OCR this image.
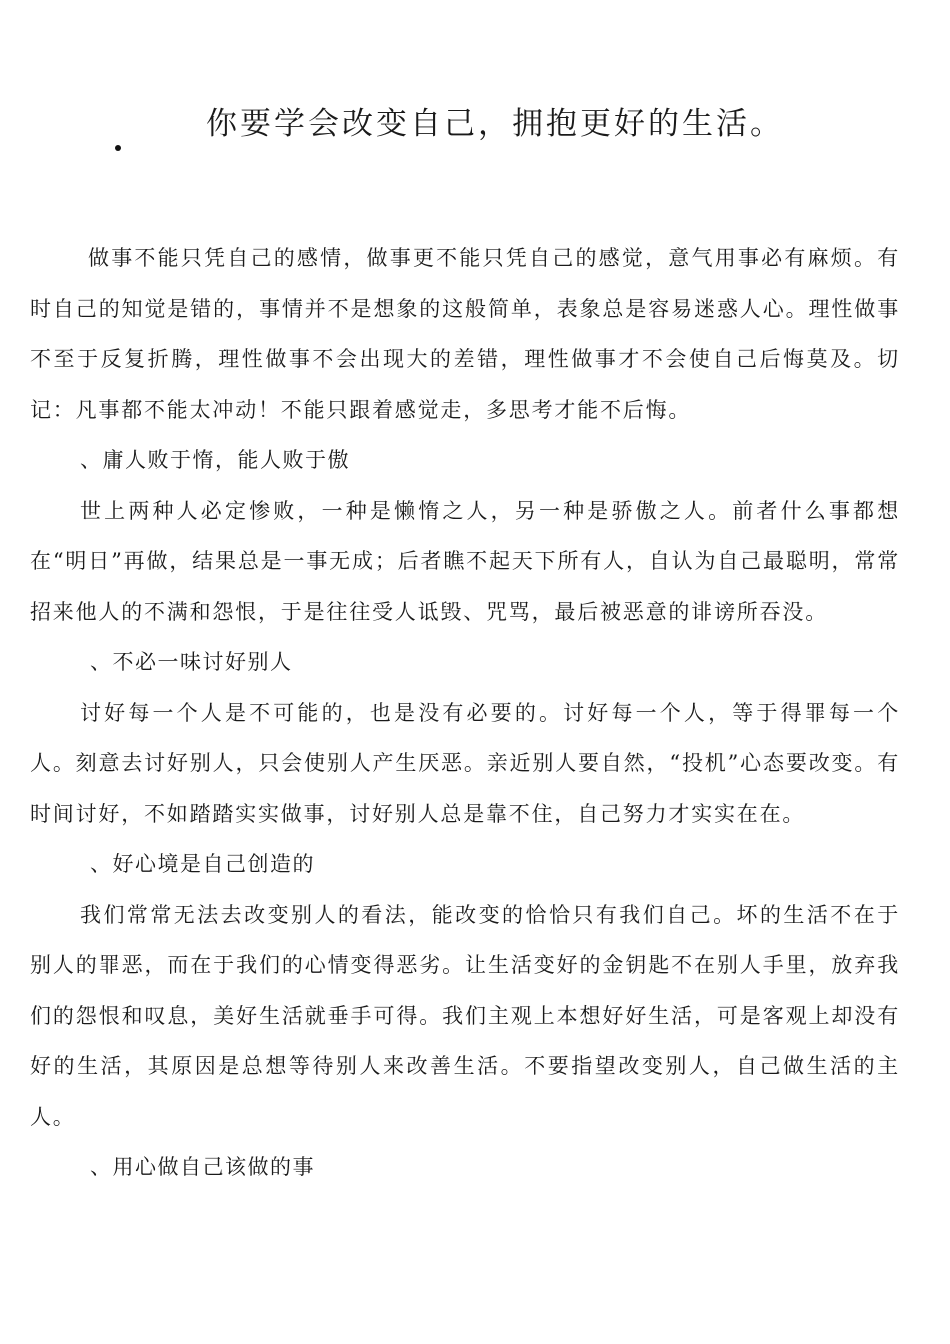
你要学会改变自己，拥抱更好的生活。

做事不能只凭自己的感情，做事更不能只凭自己的感觉，意气用事必有麻烦。有时自己的知觉是错的，事情并不是想象的这般简单，表象总是容易迷惑人心。理性做事不至于反复折腾，理性做事不会出现大的差错，理性做事才不会使自己后悔莫及。切记：凡事都不能太冲动！不能只跟着感觉走，多思考才能不后悔。

、庸人败于惰，能人败于傲

世上两种人必定惨败，一种是懒惰之人，另一种是骄傲之人。前者什么事都想在“明日”再做，结果总是一事无成；后者瞧不起天下所有人，自认为自己最聪明，常常招来他人的不满和怨恨，于是往往受人诋毁、咒骂，最后被恶意的诽谤所吞没。

、不必一味讨好别人

讨好每一个人是不可能的，也是没有必要的。讨好每一个人，等于得罪每一个人。刻意去讨好别人，只会使别人产生厌恶。亲近别人要自然，“投机”心态要改变。有时间讨好，不如踏踏实实做事，讨好别人总是靠不住，自己努力才实实在在。

、好心境是自己创造的

我们常常无法去改变别人的看法，能改变的恰恰只有我们自己。坏的生活不在于别人的罪恶，而在于我们的心情变得恶劣。让生活变好的金钥匙不在别人手里，放弃我们的怨恨和叹息，美好生活就垂手可得。我们主观上本想好好生活，可是客观上却没有好的生活，其原因是总想等待别人来改善生活。不要指望改变别人，自己做生活的主人。

、用心做自己该做的事
